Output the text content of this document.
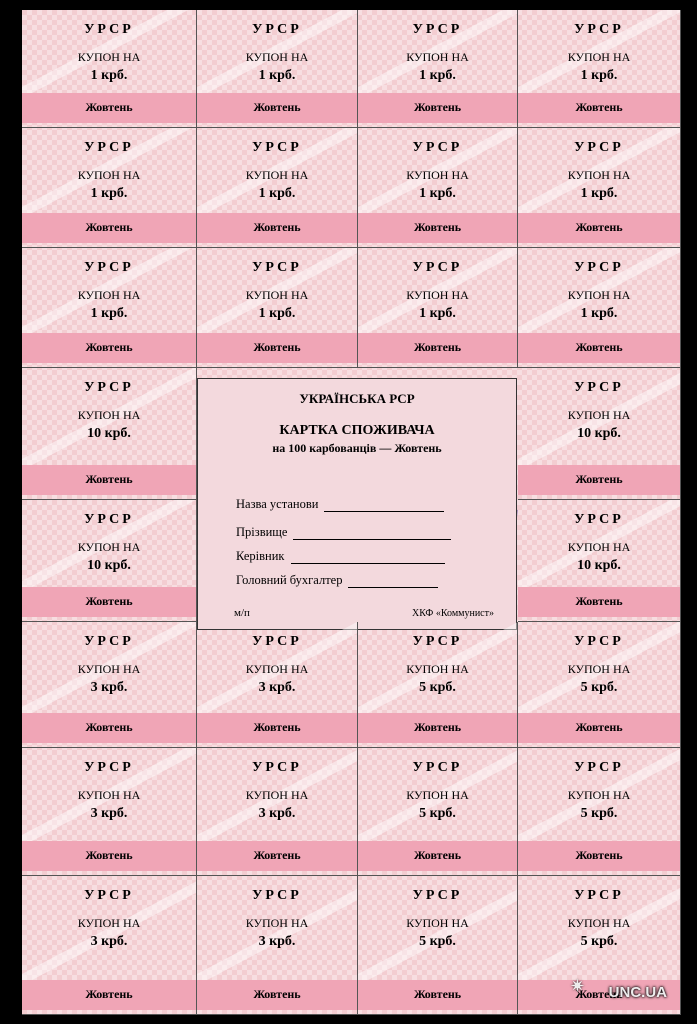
УКРАЇНСЬКА РСР
КАРТКА СПОЖИВАЧА
на 100 карбованців — Жовтень
Назва установи
Прізвище
Керівник
Головний бухгалтер
м/п	ХКФ «Коммунист»
УРСР
КУПОН НА
1 крб.
Жовтень
УРСР
КУПОН НА
1 крб.
Жовтень
УРСР
КУПОН НА
1 крб.
Жовтень
УРСР
КУПОН НА
1 крб.
Жовтень
УРСР
КУПОН НА
1 крб.
Жовтень
УРСР
КУПОН НА
1 крб.
Жовтень
УРСР
КУПОН НА
1 крб.
Жовтень
УРСР
КУПОН НА
1 крб.
Жовтень
УРСР
КУПОН НА
1 крб.
Жовтень
УРСР
КУПОН НА
1 крб.
Жовтень
УРСР
КУПОН НА
1 крб.
Жовтень
УРСР
КУПОН НА
1 крб.
Жовтень
УРСР
КУПОН НА
10 крб.
Жовтень
УРСР
КУПОН НА
10 крб.
Жовтень
УРСР
КУПОН НА
10 крб.
Жовтень
УРСР
КУПОН НА
10 крб.
Жовтень
УРСР
КУПОН НА
3 крб.
Жовтень
УРСР
КУПОН НА
3 крб.
Жовтень
УРСР
КУПОН НА
5 крб.
Жовтень
УРСР
КУПОН НА
5 крб.
Жовтень
УРСР
КУПОН НА
3 крб.
Жовтень
УРСР
КУПОН НА
3 крб.
Жовтень
УРСР
КУПОН НА
5 крб.
Жовтень
УРСР
КУПОН НА
5 крб.
Жовтень
УРСР
КУПОН НА
3 крб.
Жовтень
УРСР
КУПОН НА
3 крб.
Жовтень
УРСР
КУПОН НА
5 крб.
Жовтень
УРСР
КУПОН НА
5 крб.
Жовтень
✷ UNC.UA
